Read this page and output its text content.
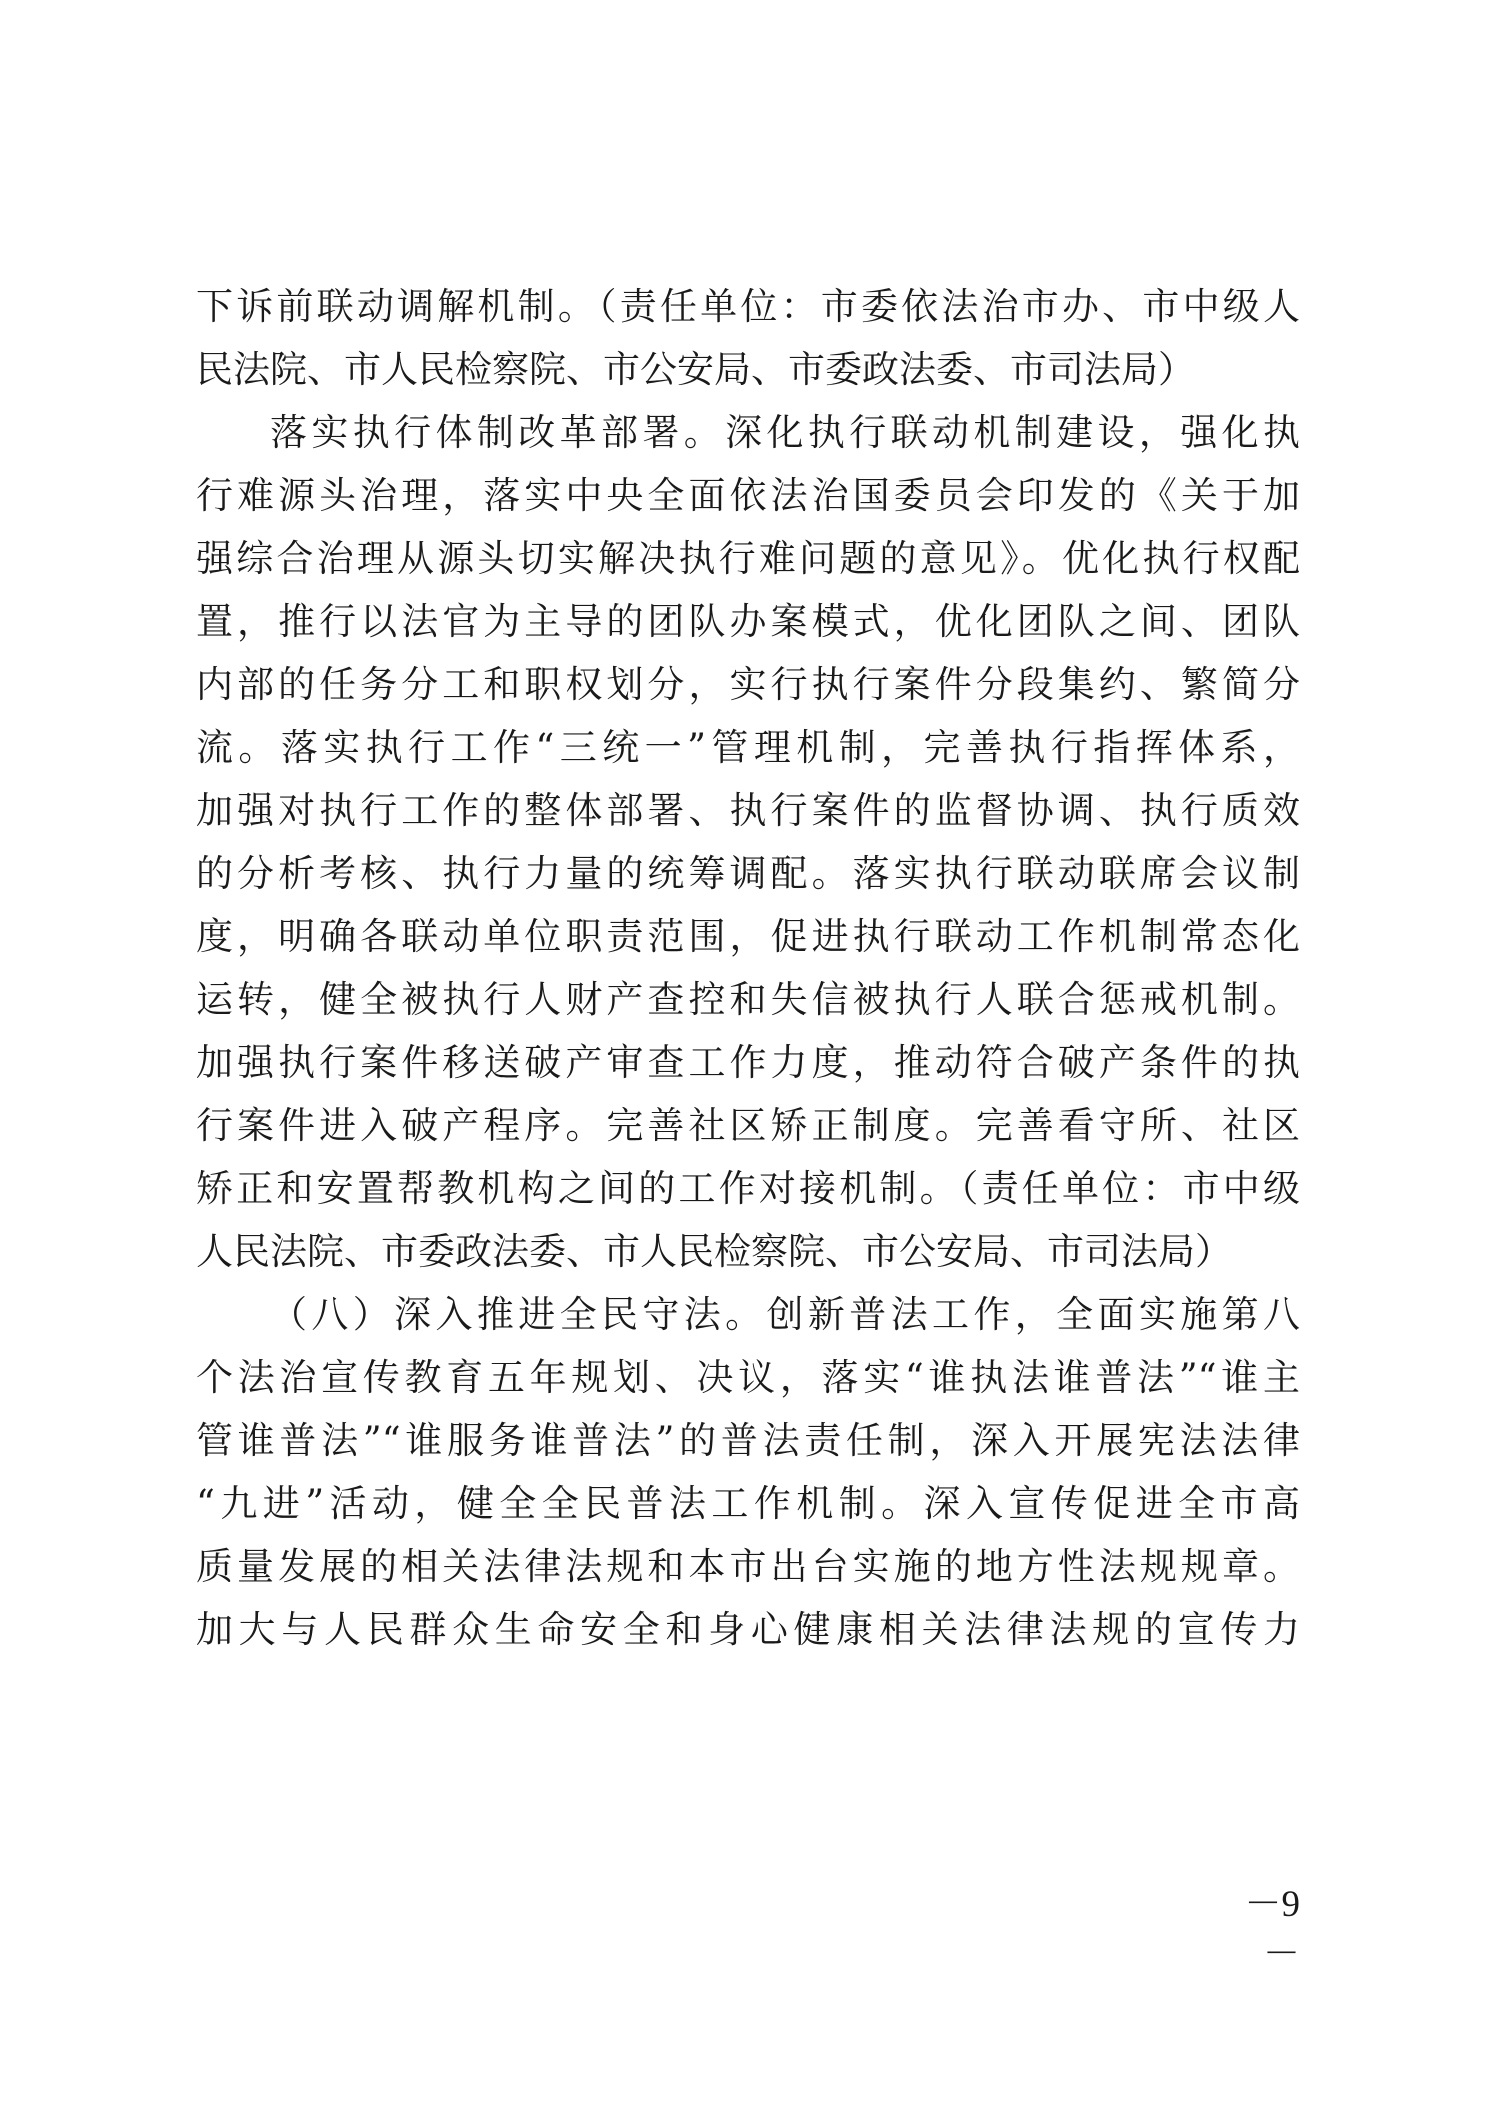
下诉前联动调解机制。（责任单位：市委依法治市办、市中级人
民法院、市人民检察院、市公安局、市委政法委、市司法局）
落实执行体制改革部署。深化执行联动机制建设，强化执
行难源头治理，落实中央全面依法治国委员会印发的《关于加
强综合治理从源头切实解决执行难问题的意见》。优化执行权配
置，推行以法官为主导的团队办案模式，优化团队之间、团队
内部的任务分工和职权划分，实行执行案件分段集约、繁简分
流。落实执行工作“三统一”管理机制，完善执行指挥体系，
加强对执行工作的整体部署、执行案件的监督协调、执行质效
的分析考核、执行力量的统筹调配。落实执行联动联席会议制
度，明确各联动单位职责范围，促进执行联动工作机制常态化
运转，健全被执行人财产查控和失信被执行人联合惩戒机制。
加强执行案件移送破产审查工作力度，推动符合破产条件的执
行案件进入破产程序。完善社区矫正制度。完善看守所、社区
矫正和安置帮教机构之间的工作对接机制。（责任单位：市中级
人民法院、市委政法委、市人民检察院、市公安局、市司法局）
（八）深入推进全民守法。创新普法工作，全面实施第八
个法治宣传教育五年规划、决议，落实“谁执法谁普法”“谁主
管谁普法”“谁服务谁普法”的普法责任制，深入开展宪法法律
“九进”活动，健全全民普法工作机制。深入宣传促进全市高
质量发展的相关法律法规和本市出台实施的地方性法规规章。
加大与人民群众生命安全和身心健康相关法律法规的宣传力
－9－
